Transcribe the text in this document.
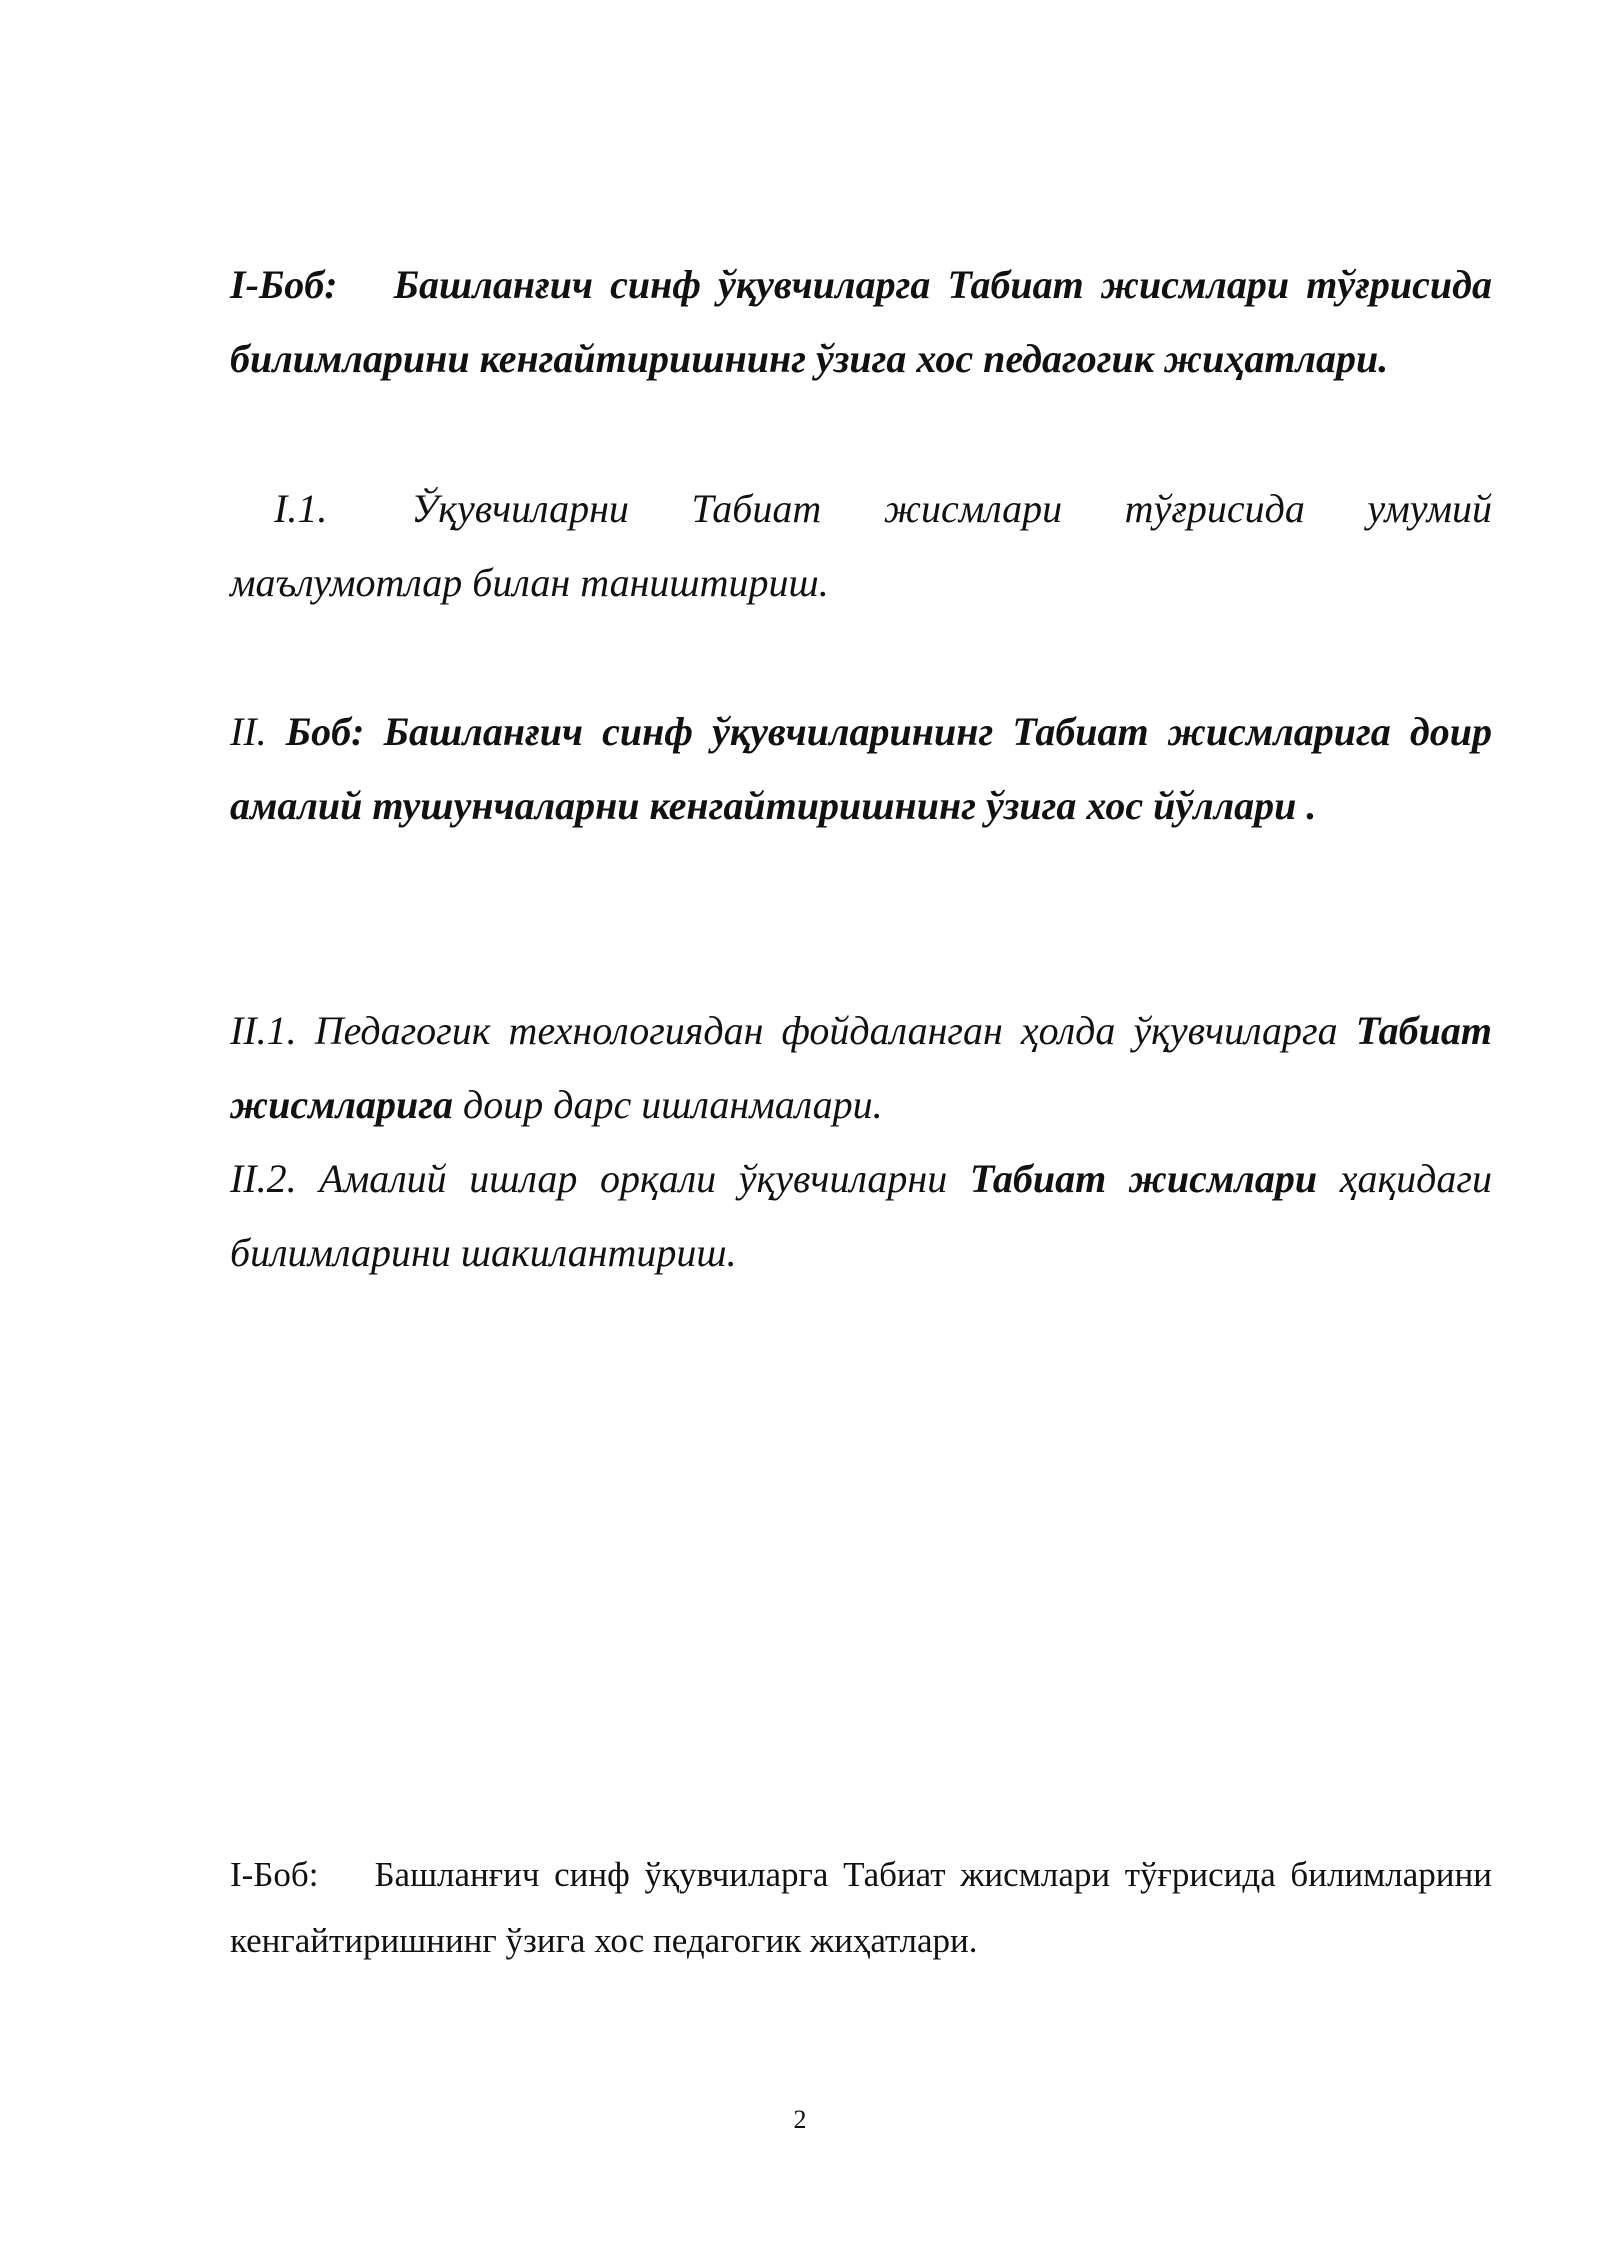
I-Боб: Башланғич синф ўқувчиларга Табиат жисмлари тўғрисида билимларини кенгайтиришнинг ўзига хос педагогик жиҳатлари.

I.1. Ўқувчиларни Табиат жисмлари тўғрисида умумий маълумотлар билан таништириш.

II. Боб: Башланғич синф ўқувчиларининг Табиат жисмларига доир амалий тушунчаларни кенгайтиришнинг ўзига хос йўллари .

II.1. Педагогик технологиядан фойдаланган ҳолда ўқувчиларга Табиат жисмларига доир дарс ишланмалари.

II.2. Амалий ишлар орқали ўқувчиларни Табиат жисмлари ҳақидаги билимларини шакилантириш.

I-Боб: Башланғич синф ўқувчиларга Табиат жисмлари тўғрисида билимларини кенгайтиришнинг ўзига хос педагогик жиҳатлари.
2
